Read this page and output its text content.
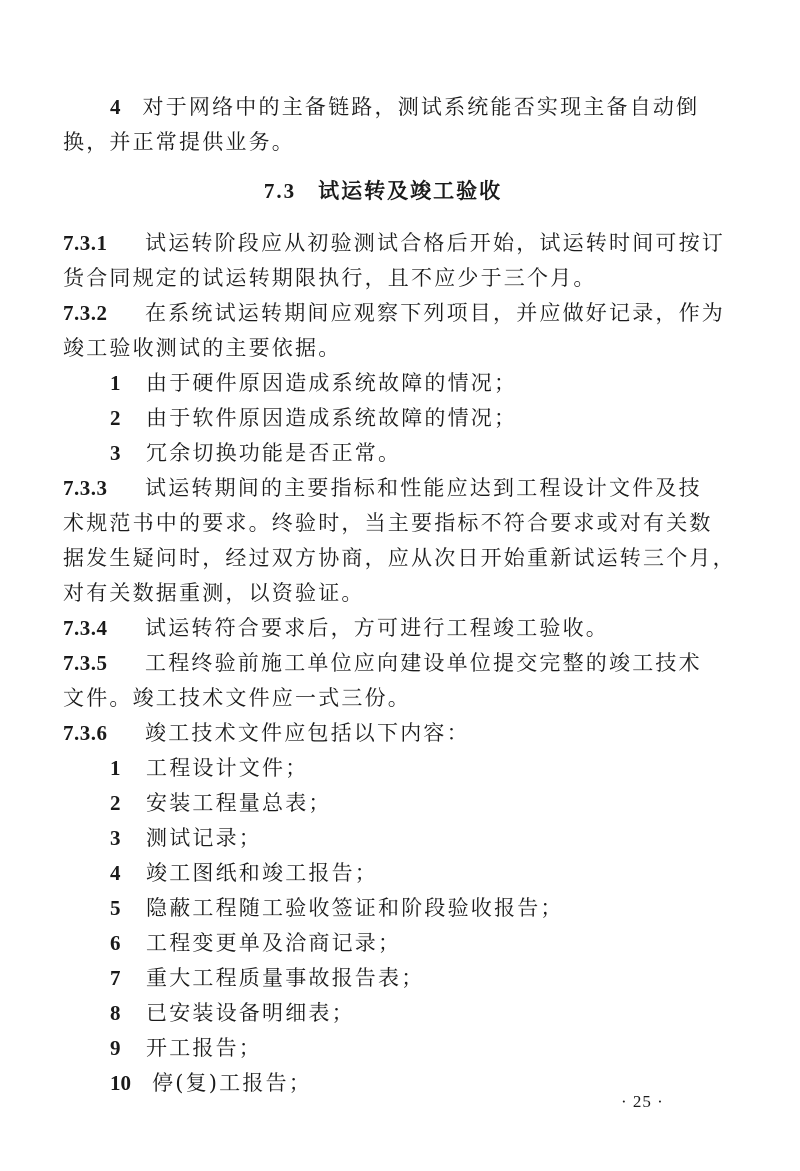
4 对于网络中的主备链路，测试系统能否实现主备自动倒
换，并正常提供业务。
7.3 试运转及竣工验收
7.3.1 试运转阶段应从初验测试合格后开始，试运转时间可按订
货合同规定的试运转期限执行，且不应少于三个月。
7.3.2 在系统试运转期间应观察下列项目，并应做好记录，作为
竣工验收测试的主要依据。
1 由于硬件原因造成系统故障的情况；
2 由于软件原因造成系统故障的情况；
3 冗余切换功能是否正常。
7.3.3 试运转期间的主要指标和性能应达到工程设计文件及技
术规范书中的要求。终验时，当主要指标不符合要求或对有关数
据发生疑问时，经过双方协商，应从次日开始重新试运转三个月，
对有关数据重测，以资验证。
7.3.4 试运转符合要求后，方可进行工程竣工验收。
7.3.5 工程终验前施工单位应向建设单位提交完整的竣工技术
文件。竣工技术文件应一式三份。
7.3.6 竣工技术文件应包括以下内容：
1 工程设计文件；
2 安装工程量总表；
3 测试记录；
4 竣工图纸和竣工报告；
5 隐蔽工程随工验收签证和阶段验收报告；
6 工程变更单及洽商记录；
7 重大工程质量事故报告表；
8 已安装设备明细表；
9 开工报告；
10 停(复)工报告；
· 25 ·
